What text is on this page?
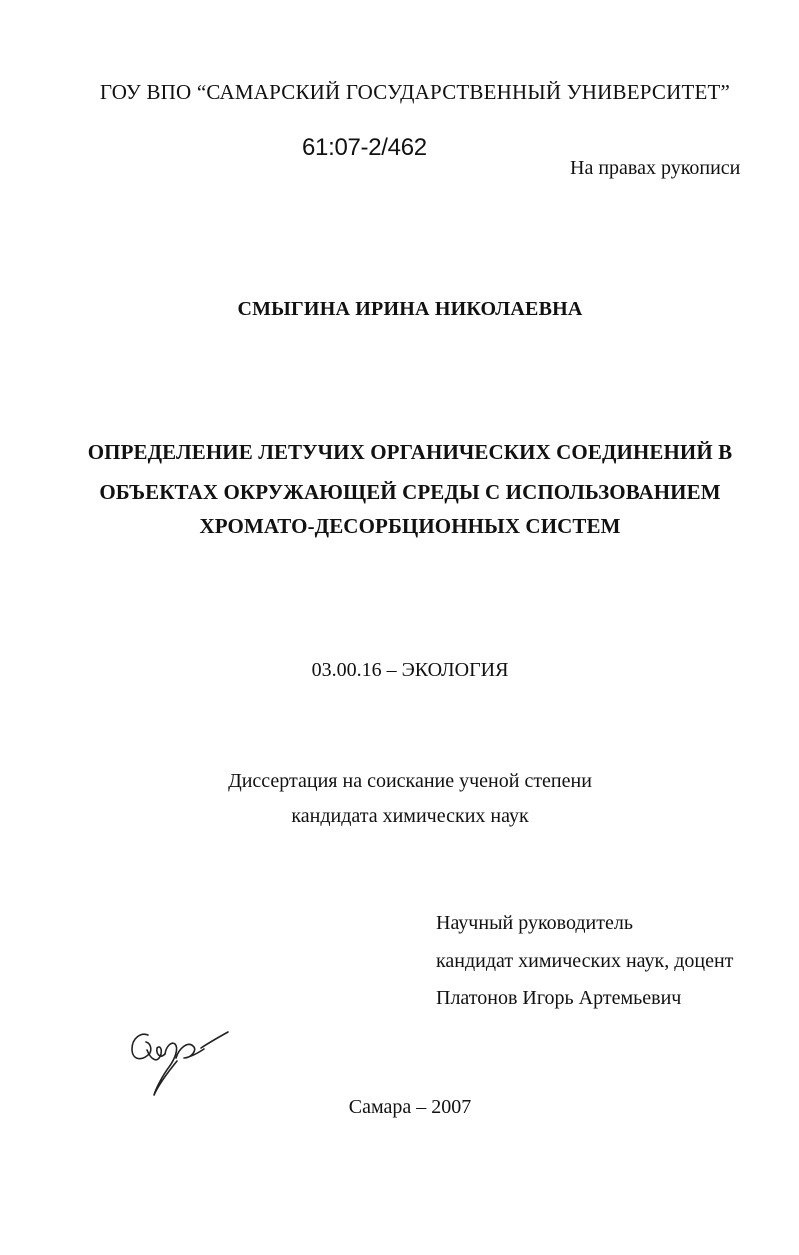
ГОУ ВПО “САМАРСКИЙ ГОСУДАРСТВЕННЫЙ УНИВЕРСИТЕТ”
61:07-2/462
На правах рукописи
СМЫГИНА ИРИНА НИКОЛАЕВНА
ОПРЕДЕЛЕНИЕ ЛЕТУЧИХ ОРГАНИЧЕСКИХ СОЕДИНЕНИЙ В
ОБЪЕКТАХ ОКРУЖАЮЩЕЙ СРЕДЫ С ИСПОЛЬЗОВАНИЕМ
ХРОМАТО-ДЕСОРБЦИОННЫХ СИСТЕМ
03.00.16 – ЭКОЛОГИЯ
Диссертация на соискание ученой степени
кандидата химических наук
Научный руководитель
кандидат химических наук, доцент
Платонов Игорь Артемьевич
Самара – 2007
